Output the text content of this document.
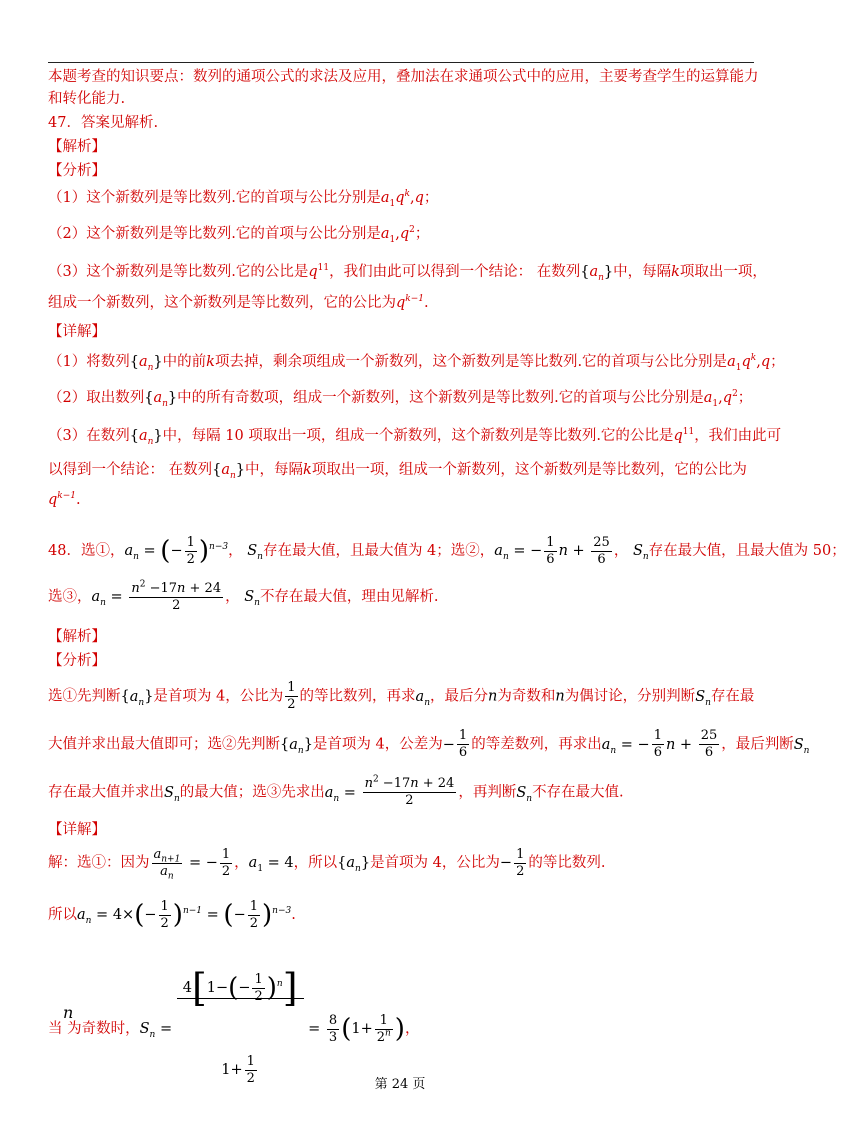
本题考查的知识要点：数列的通项公式的求法及应用，叠加法在求通项公式中的应用，主要考查学生的运算能力
和转化能力.
47．答案见解析.
【解析】
【分析】
（1）这个新数列是等比数列.它的首项与公比分别是$a_1q^k,q$；
（2）这个新数列是等比数列.它的首项与公比分别是$a_1,q^2$；
（3）这个新数列是等比数列.它的公比是$q^{11}$，我们由此可以得到一个结论： 在数列$\{a_n\}$中，每隔k项取出一项，
组成一个新数列，这个新数列是等比数列，它的公比为$q^{k-1}$.
【详解】
（1）将数列$\{a_n\}$中的前k项去掉，剩余项组成一个新数列，这个新数列是等比数列.它的首项与公比分别是$a_1q^k,q$；
（2）取出数列$\{a_n\}$中的所有奇数项，组成一个新数列，这个新数列是等比数列.它的首项与公比分别是$a_1,q^2$；
（3）在数列$\{a_n\}$中，每隔 10 项取出一项，组成一个新数列，这个新数列是等比数列.它的公比是$q^{11}$，我们由此可
以得到一个结论： 在数列$\{a_n\}$中，每隔k项取出一项，组成一个新数列，这个新数列是等比数列，它的公比为
$q^{k-1}$.
48．选①，$a_n$ = (− $\frac{1}{2} )^{n-3}$， $S_n$存在最大值，且最大值为 4；选②，$a_n$ = − $\frac{1}{6}$ $n + \frac{25}{6}$ ， $S_n$存在最大值，且最大值为 50；
选③，$a_n = \frac{n^2 -17n + 24}{2}$ ， $S_n$不存在最大值，理由见解析.
【解析】
【分析】
选①先判断$\{a_n\}$是首项为 4，公比为 $\frac{1}{2}$ 的等比数列，再求$a_n$，最后分n为奇数和n为偶讨论，分别判断$S_n$存在最
大值并求出最大值即可；选②先判断$\{a_n\}$是首项为 4，公差为− $\frac{1}{6}$ 的等差数列，再求出$a_n$ = − $\frac{1}{6}$ $n + \frac{25}{6}$ ，最后判断$S_n$
存在最大值并求出$S_n$的最大值；选③先求出$a_n = \frac{n^2 -17n + 24}{2}$ ，再判断$S_n$不存在最大值.
【详解】
解：选①：因为 $\frac{a_{n+1}}{a_n}$ = − $\frac{1}{2}$ ，$a_1 = 4$，所以$\{a_n\}$是首项为 4，公比为− $\frac{1}{2}$ 的等比数列.
所以$a_n = 4\times(- \frac{1}{2} )^{n-1}$ = (− $\frac{1}{2} )^{n-3}$.
当 为奇数时，$S_n = \frac{4[1-(- \frac{1}{2} )^n]}{1+ \frac{1}{2}} = \frac{8}{3} (1+ \frac{1}{2^n}$ )，
n
第 24 页
